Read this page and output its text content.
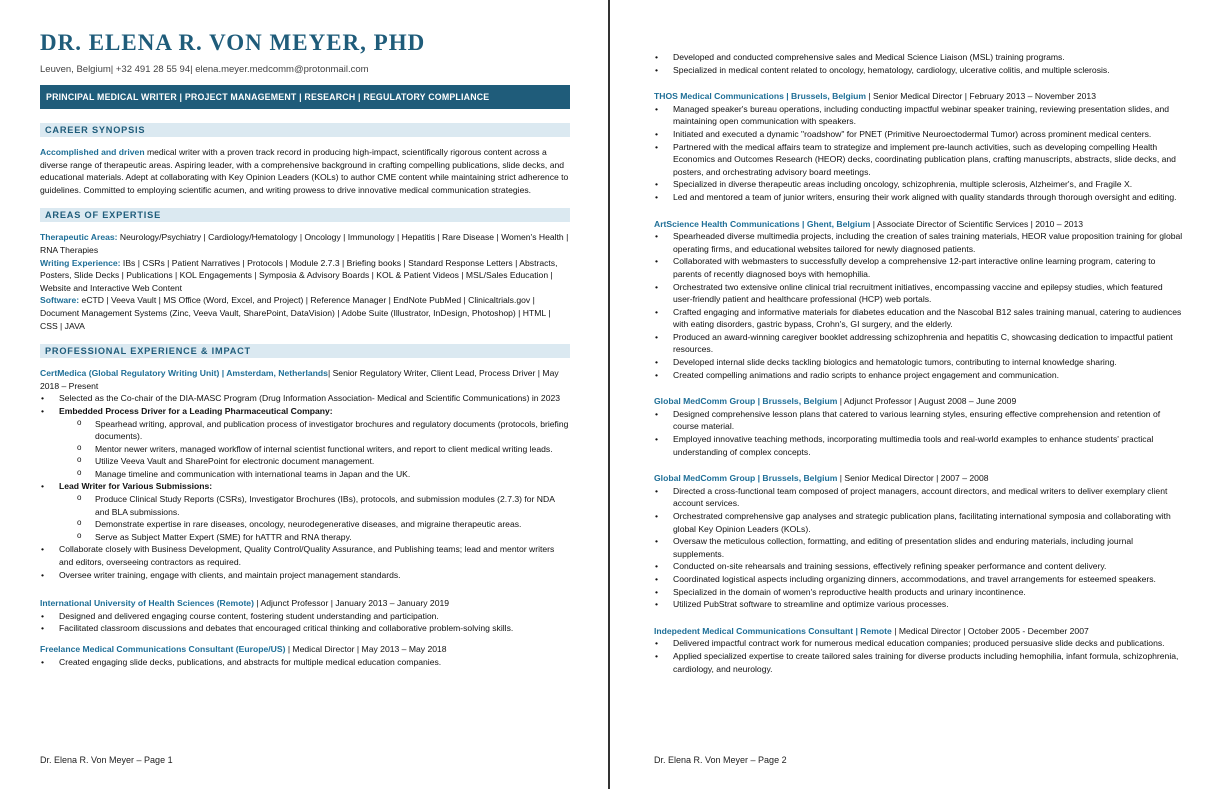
DR. ELENA R. VON MEYER, PHD
Leuven, Belgium| +32 491 28 55 94| elena.meyer.medcomm@protonmail.com
PRINCIPAL MEDICAL WRITER | PROJECT MANAGEMENT | RESEARCH | REGULATORY COMPLIANCE
CAREER SYNOPSIS
Accomplished and driven medical writer with a proven track record in producing high-impact, scientifically rigorous content across a diverse range of therapeutic areas. Aspiring leader, with a comprehensive background in crafting compelling publications, slide decks, and educational materials. Adept at collaborating with Key Opinion Leaders (KOLs) to author CME content while maintaining strict adherence to guidelines. Committed to employing scientific acumen, and writing prowess to drive innovative medical communication strategies.
AREAS OF EXPERTISE
Therapeutic Areas: Neurology/Psychiatry | Cardiology/Hematology | Oncology | Immunology | Hepatitis | Rare Disease | Women's Health | RNA Therapies
Writing Experience: IBs | CSRs | Patient Narratives | Protocols | Module 2.7.3 | Briefing books | Standard Response Letters | Abstracts, Posters, Slide Decks | Publications | KOL Engagements | Symposia & Advisory Boards | KOL & Patient Videos | MSL/Sales Education | Website and Interactive Web Content
Software: eCTD | Veeva Vault | MS Office (Word, Excel, and Project) | Reference Manager | EndNote PubMed | Clinicaltrials.gov | Document Management Systems (Zinc, Veeva Vault, SharePoint, DataVision) | Adobe Suite (Illustrator, InDesign, Photoshop) | HTML | CSS | JAVA
PROFESSIONAL EXPERIENCE & IMPACT
CertMedica (Global Regulatory Writing Unit) | Amsterdam, Netherlands| Senior Regulatory Writer, Client Lead, Process Driver | May 2018 – Present
• Selected as the Co-chair of the DIA-MASC Program (Drug Information Association- Medical and Scientific Communications) in 2023
• Embedded Process Driver for a Leading Pharmaceutical Company:
o Spearhead writing, approval, and publication process of investigator brochures and regulatory documents (protocols, briefing documents).
o Mentor newer writers, managed workflow of internal scientist functional writers, and report to client medical writing leads.
o Utilize Veeva Vault and SharePoint for electronic document management.
o Manage timeline and communication with international teams in Japan and the UK.
• Lead Writer for Various Submissions:
o Produce Clinical Study Reports (CSRs), Investigator Brochures (IBs), protocols, and submission modules (2.7.3) for NDA and BLA submissions.
o Demonstrate expertise in rare diseases, oncology, neurodegenerative diseases, and migraine therapeutic areas.
o Serve as Subject Matter Expert (SME) for hATTR and RNA therapy.
• Collaborate closely with Business Development, Quality Control/Quality Assurance, and Publishing teams; lead and mentor writers and editors, overseeing contractors as required.
• Oversee writer training, engage with clients, and maintain project management standards.
International University of Health Sciences (Remote) | Adjunct Professor | January 2013 – January 2019
• Designed and delivered engaging course content, fostering student understanding and participation.
• Facilitated classroom discussions and debates that encouraged critical thinking and collaborative problem-solving skills.
Freelance Medical Communications Consultant (Europe/US) | Medical Director | May 2013 – May 2018
• Created engaging slide decks, publications, and abstracts for multiple medical education companies.
Dr. Elena R. Von Meyer – Page 1
• Developed and conducted comprehensive sales and Medical Science Liaison (MSL) training programs.
• Specialized in medical content related to oncology, hematology, cardiology, ulcerative colitis, and multiple sclerosis.
THOS Medical Communications | Brussels, Belgium | Senior Medical Director | February 2013 – November 2013
• Managed speaker's bureau operations, including conducting impactful webinar speaker training, reviewing presentation slides, and maintaining open communication with speakers.
• Initiated and executed a dynamic "roadshow" for PNET (Primitive Neuroectodermal Tumor) across prominent medical centers.
• Partnered with the medical affairs team to strategize and implement pre-launch activities, such as developing compelling Health Economics and Outcomes Research (HEOR) decks, coordinating publication plans, crafting manuscripts, abstracts, slide decks, and posters, and orchestrating advisory board meetings.
• Specialized in diverse therapeutic areas including oncology, schizophrenia, multiple sclerosis, Alzheimer's, and Fragile X.
• Led and mentored a team of junior writers, ensuring their work aligned with quality standards through thorough oversight and editing.
ArtScience Health Communications | Ghent, Belgium | Associate Director of Scientific Services | 2010 – 2013
• Spearheaded diverse multimedia projects, including the creation of sales training materials, HEOR value proposition training for global operating firms, and educational websites tailored for newly diagnosed patients.
• Collaborated with webmasters to successfully develop a comprehensive 12-part interactive online learning program, catering to parents of recently diagnosed boys with hemophilia.
• Orchestrated two extensive online clinical trial recruitment initiatives, encompassing vaccine and epilepsy studies, which featured user-friendly patient and healthcare professional (HCP) web portals.
• Crafted engaging and informative materials for diabetes education and the Nascobal B12 sales training manual, catering to audiences with eating disorders, gastric bypass, Crohn's, GI surgery, and the elderly.
• Produced an award-winning caregiver booklet addressing schizophrenia and hepatitis C, showcasing dedication to impactful patient resources.
• Developed internal slide decks tackling biologics and hematologic tumors, contributing to internal knowledge sharing.
• Created compelling animations and radio scripts to enhance project engagement and communication.
Global MedComm Group | Brussels, Belgium | Adjunct Professor | August 2008 – June 2009
• Designed comprehensive lesson plans that catered to various learning styles, ensuring effective comprehension and retention of course material.
• Employed innovative teaching methods, incorporating multimedia tools and real-world examples to enhance students' practical understanding of complex concepts.
Global MedComm Group | Brussels, Belgium | Senior Medical Director | 2007 – 2008
• Directed a cross-functional team composed of project managers, account directors, and medical writers to deliver exemplary client account services.
• Orchestrated comprehensive gap analyses and strategic publication plans, facilitating international symposia and collaborating with global Key Opinion Leaders (KOLs).
• Oversaw the meticulous collection, formatting, and editing of presentation slides and enduring materials, including journal supplements.
• Conducted on-site rehearsals and training sessions, effectively refining speaker performance and content delivery.
• Coordinated logistical aspects including organizing dinners, accommodations, and travel arrangements for esteemed speakers.
• Specialized in the domain of women's reproductive health products and urinary incontinence.
• Utilized PubStrat software to streamline and optimize various processes.
Indepedent Medical Communications Consultant | Remote | Medical Director | October 2005 - December 2007
• Delivered impactful contract work for numerous medical education companies; produced persuasive slide decks and publications.
• Applied specialized expertise to create tailored sales training for diverse products including hemophilia, infant formula, schizophrenia, cardiology, and neurology.
Dr. Elena R. Von Meyer – Page 2
